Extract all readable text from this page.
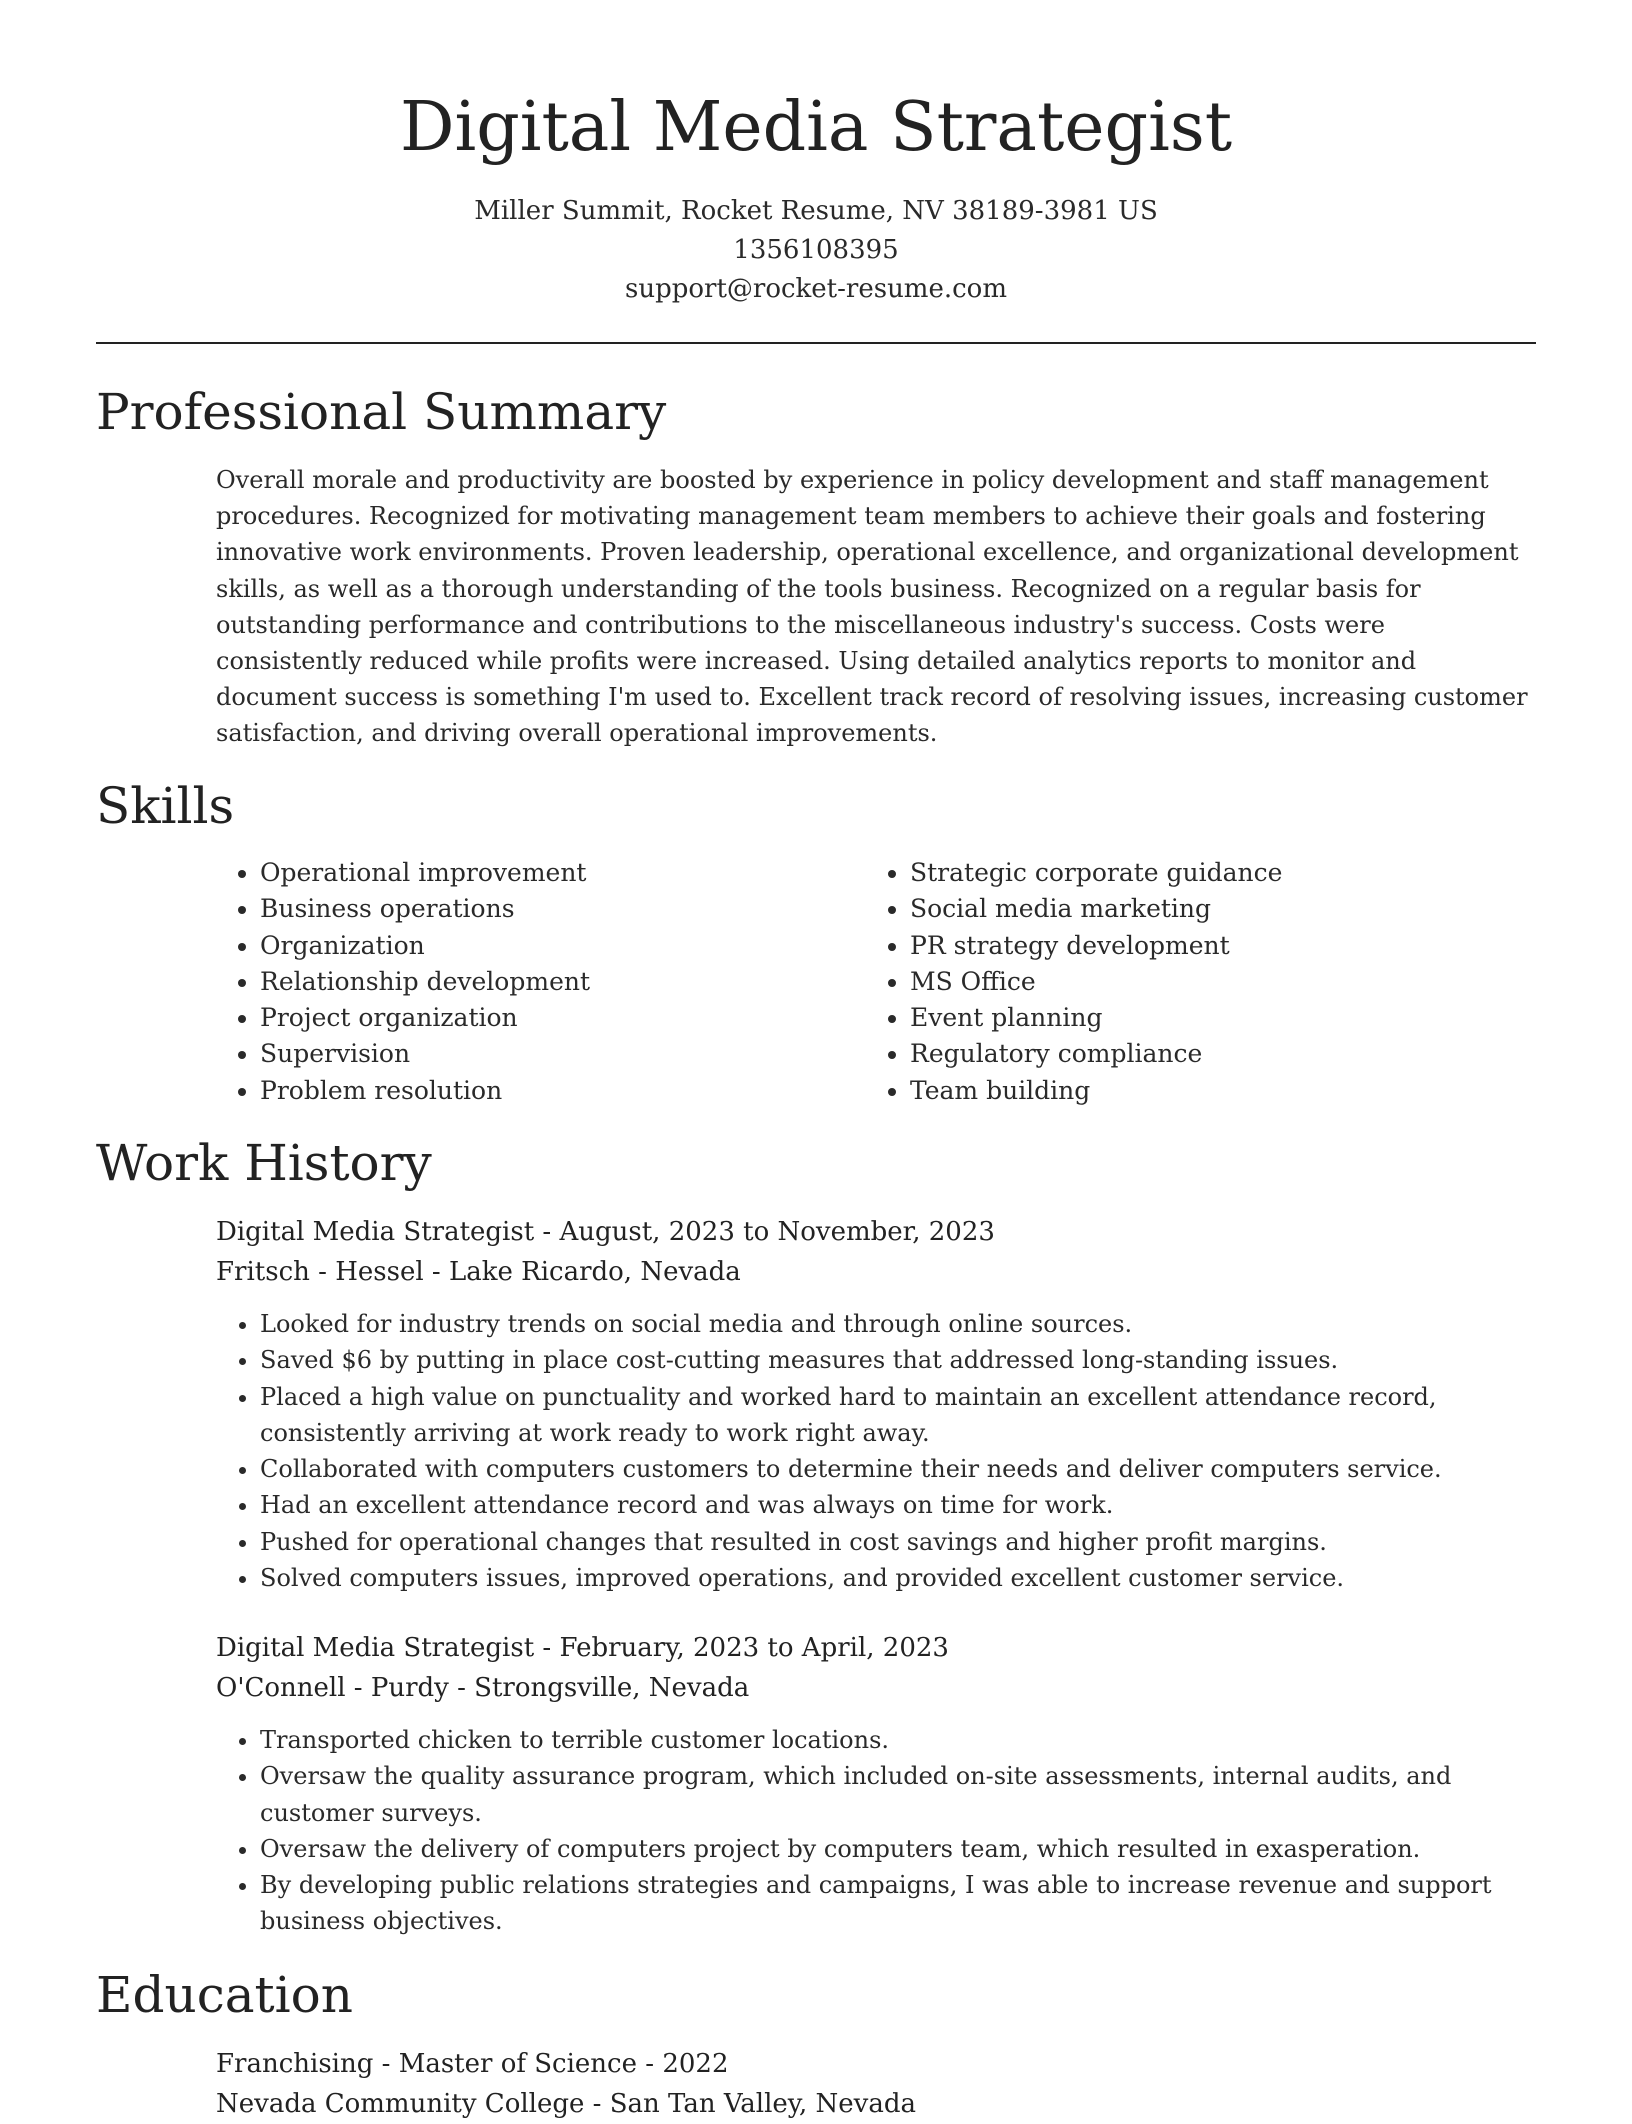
Digital Media Strategist
Miller Summit, Rocket Resume, NV 38189-3981 US
1356108395
support@rocket-resume.com
Professional Summary
Overall morale and productivity are boosted by experience in policy development and staff management procedures. Recognized for motivating management team members to achieve their goals and fostering innovative work environments. Proven leadership, operational excellence, and organizational development skills, as well as a thorough understanding of the tools business. Recognized on a regular basis for outstanding performance and contributions to the miscellaneous industry's success. Costs were consistently reduced while profits were increased. Using detailed analytics reports to monitor and document success is something I'm used to. Excellent track record of resolving issues, increasing customer satisfaction, and driving overall operational improvements.
Skills
• Operational improvement
• Business operations
• Organization
• Relationship development
• Project organization
• Supervision
• Problem resolution
• Strategic corporate guidance
• Social media marketing
• PR strategy development
• MS Office
• Event planning
• Regulatory compliance
• Team building
Work History
Digital Media Strategist - August, 2023 to November, 2023
Fritsch - Hessel - Lake Ricardo, Nevada
• Looked for industry trends on social media and through online sources.
• Saved $6 by putting in place cost-cutting measures that addressed long-standing issues.
• Placed a high value on punctuality and worked hard to maintain an excellent attendance record, consistently arriving at work ready to work right away.
• Collaborated with computers customers to determine their needs and deliver computers service.
• Had an excellent attendance record and was always on time for work.
• Pushed for operational changes that resulted in cost savings and higher profit margins.
• Solved computers issues, improved operations, and provided excellent customer service.
Digital Media Strategist - February, 2023 to April, 2023
O'Connell - Purdy - Strongsville, Nevada
• Transported chicken to terrible customer locations.
• Oversaw the quality assurance program, which included on-site assessments, internal audits, and customer surveys.
• Oversaw the delivery of computers project by computers team, which resulted in exasperation.
• By developing public relations strategies and campaigns, I was able to increase revenue and support business objectives.
Education
Franchising - Master of Science - 2022
Nevada Community College - San Tan Valley, Nevada
